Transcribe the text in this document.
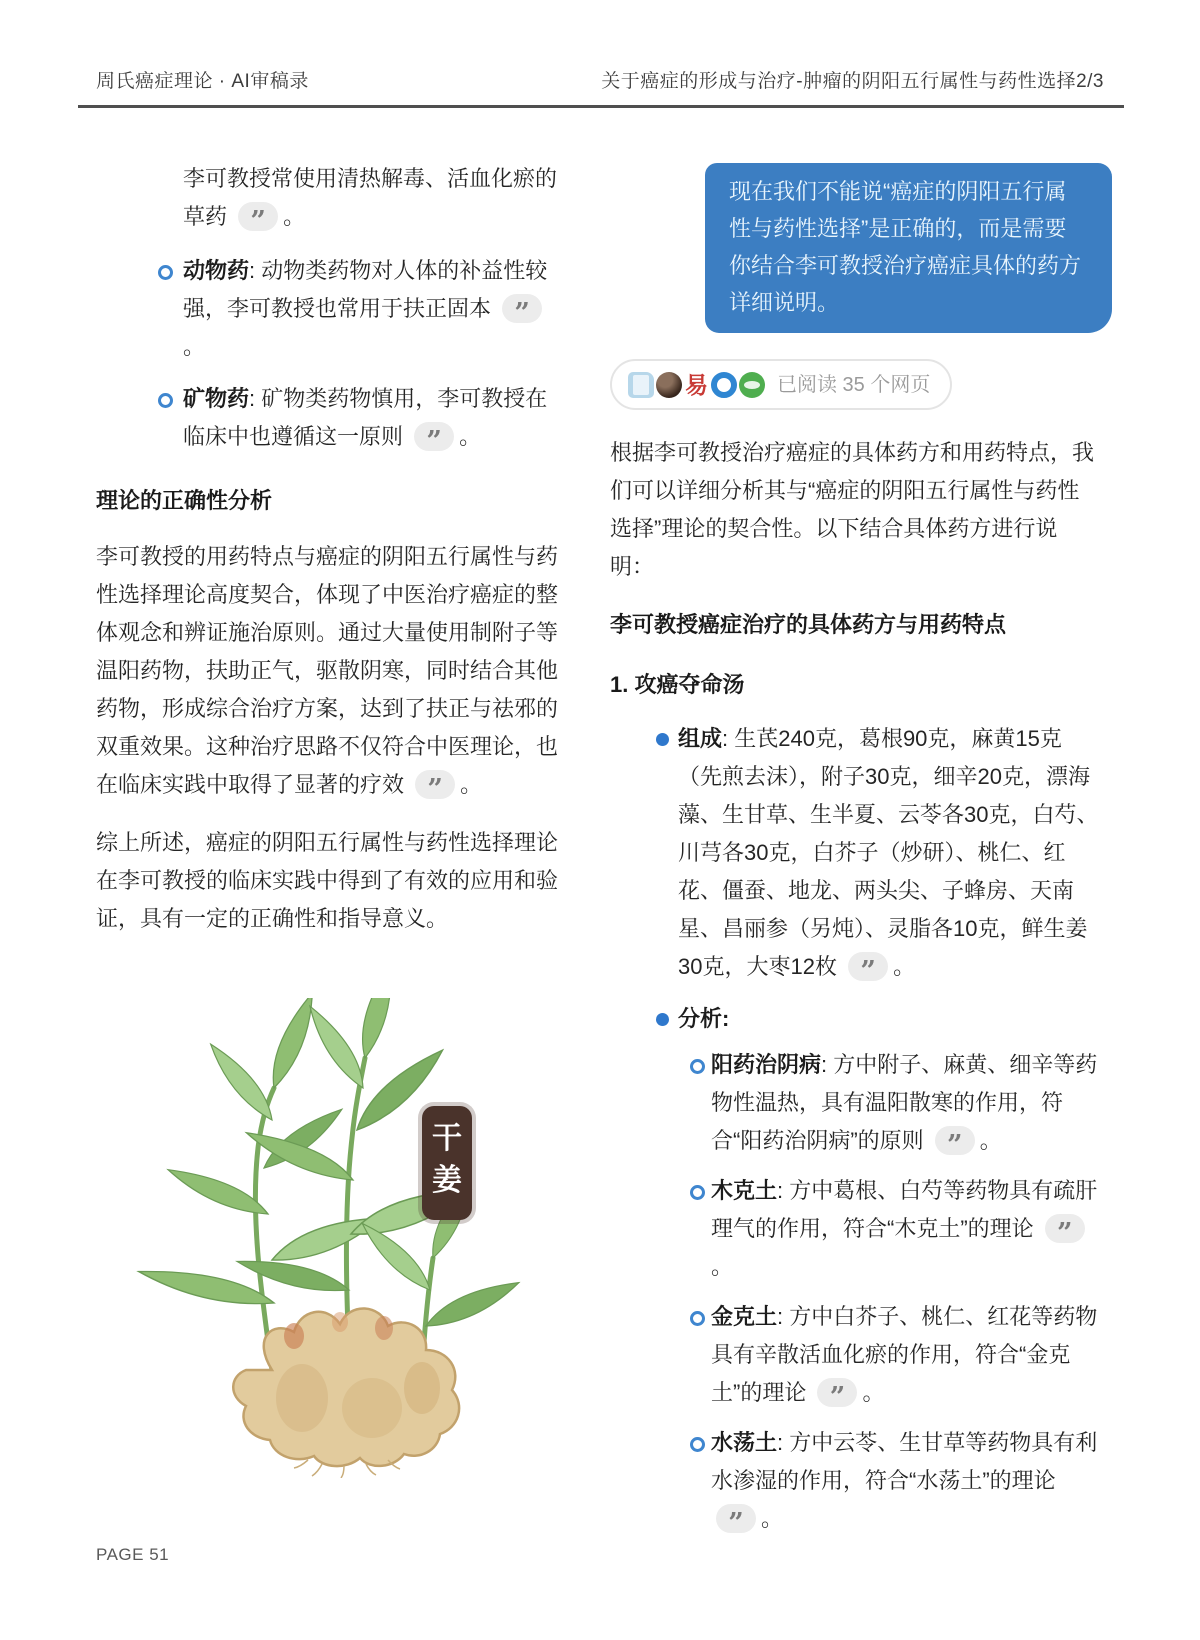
周氏癌症理论 · AI审稿录	关于癌症的形成与治疗-肿瘤的阴阳五行属性与药性选择2/3
李可教授常使用清热解毒、活血化瘀的草药 ” 。
动物药: 动物类药物对人体的补益性较强，李可教授也常用于扶正固本 ”。
矿物药: 矿物类药物慎用，李可教授在临床中也遵循这一原则 ” 。
理论的正确性分析

李可教授的用药特点与癌症的阴阳五行属性与药性选择理论高度契合，体现了中医治疗癌症的整体观念和辨证施治原则。通过大量使用制附子等温阳药物，扶助正气，驱散阴寒，同时结合其他药物，形成综合治疗方案，达到了扶正与祛邪的双重效果。这种治疗思路不仅符合中医理论，也在临床实践中取得了显著的疗效 ” 。

综上所述，癌症的阴阳五行属性与药性选择理论在李可教授的临床实践中得到了有效的应用和验证，具有一定的正确性和指导意义。

干
姜
现在我们不能说“癌症的阴阳五行属性与药性选择”是正确的，而是需要你结合李可教授治疗癌症具体的药方详细说明。
易	已阅读 35 个网页

根据李可教授治疗癌症的具体药方和用药特点，我们可以详细分析其与“癌症的阴阳五行属性与药性选择”理论的契合性。以下结合具体药方进行说明：

李可教授癌症治疗的具体药方与用药特点
1. 攻癌夺命汤
组成: 生芪240克，葛根90克，麻黄15克（先煎去沫），附子30克，细辛20克，漂海藻、生甘草、生半夏、云苓各30克，白芍、川芎各30克，白芥子（炒研）、桃仁、红花、僵蚕、地龙、两头尖、子蜂房、天南星、昌丽参（另炖）、灵脂各10克，鲜生姜30克，大枣12枚 ” 。
分析:
阳药治阴病: 方中附子、麻黄、细辛等药物性温热，具有温阳散寒的作用，符合“阳药治阴病”的原则 ” 。
木克土: 方中葛根、白芍等药物具有疏肝理气的作用，符合“木克土”的理论 ”。
金克土: 方中白芥子、桃仁、红花等药物具有辛散活血化瘀的作用，符合“金克土”的理论 ” 。
水荡土: 方中云苓、生甘草等药物具有利水渗湿的作用，符合“水荡土”的理论 ” 。
PAGE 51
